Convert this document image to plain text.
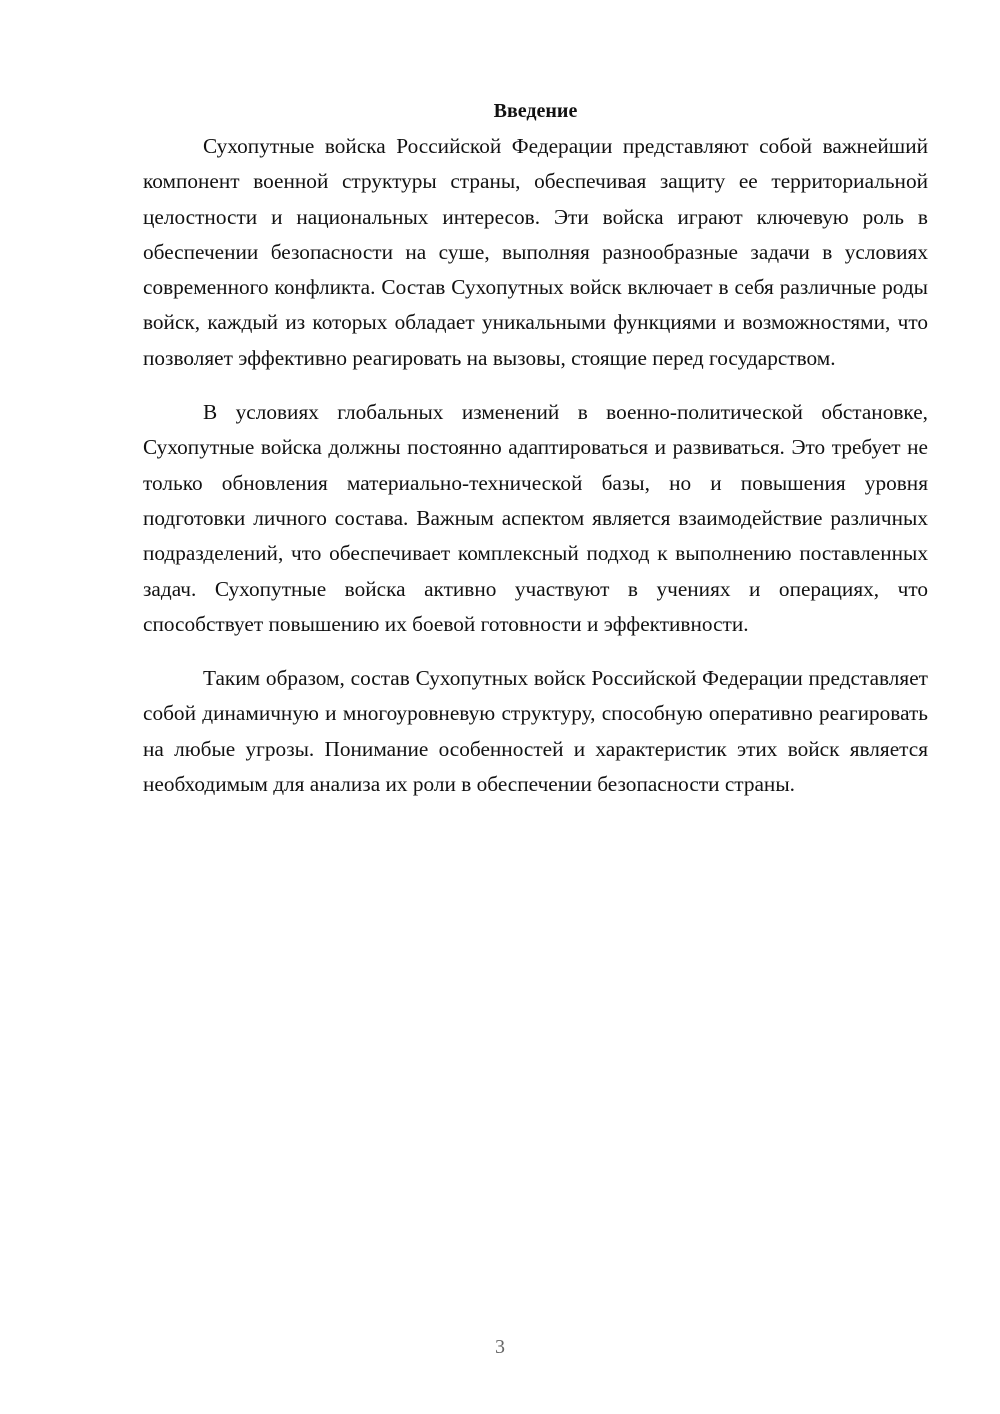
Введение

Сухопутные войска Российской Федерации представляют собой важнейший компонент военной структуры страны, обеспечивая защиту ее территориальной целостности и национальных интересов. Эти войска играют ключевую роль в обеспечении безопасности на суше, выполняя разнообразные задачи в условиях современного конфликта. Состав Сухопутных войск включает в себя различные роды войск, каждый из которых обладает уникальными функциями и возможностями, что позволяет эффективно реагировать на вызовы, стоящие перед государством.

В условиях глобальных изменений в военно-политической обстановке, Сухопутные войска должны постоянно адаптироваться и развиваться. Это требует не только обновления материально-технической базы, но и повышения уровня подготовки личного состава. Важным аспектом является взаимодействие различных подразделений, что обеспечивает комплексный подход к выполнению поставленных задач. Сухопутные войска активно участвуют в учениях и операциях, что способствует повышению их боевой готовности и эффективности.

Таким образом, состав Сухопутных войск Российской Федерации представляет собой динамичную и многоуровневую структуру, способную оперативно реагировать на любые угрозы. Понимание особенностей и характеристик этих войск является необходимым для анализа их роли в обеспечении безопасности страны.

3
